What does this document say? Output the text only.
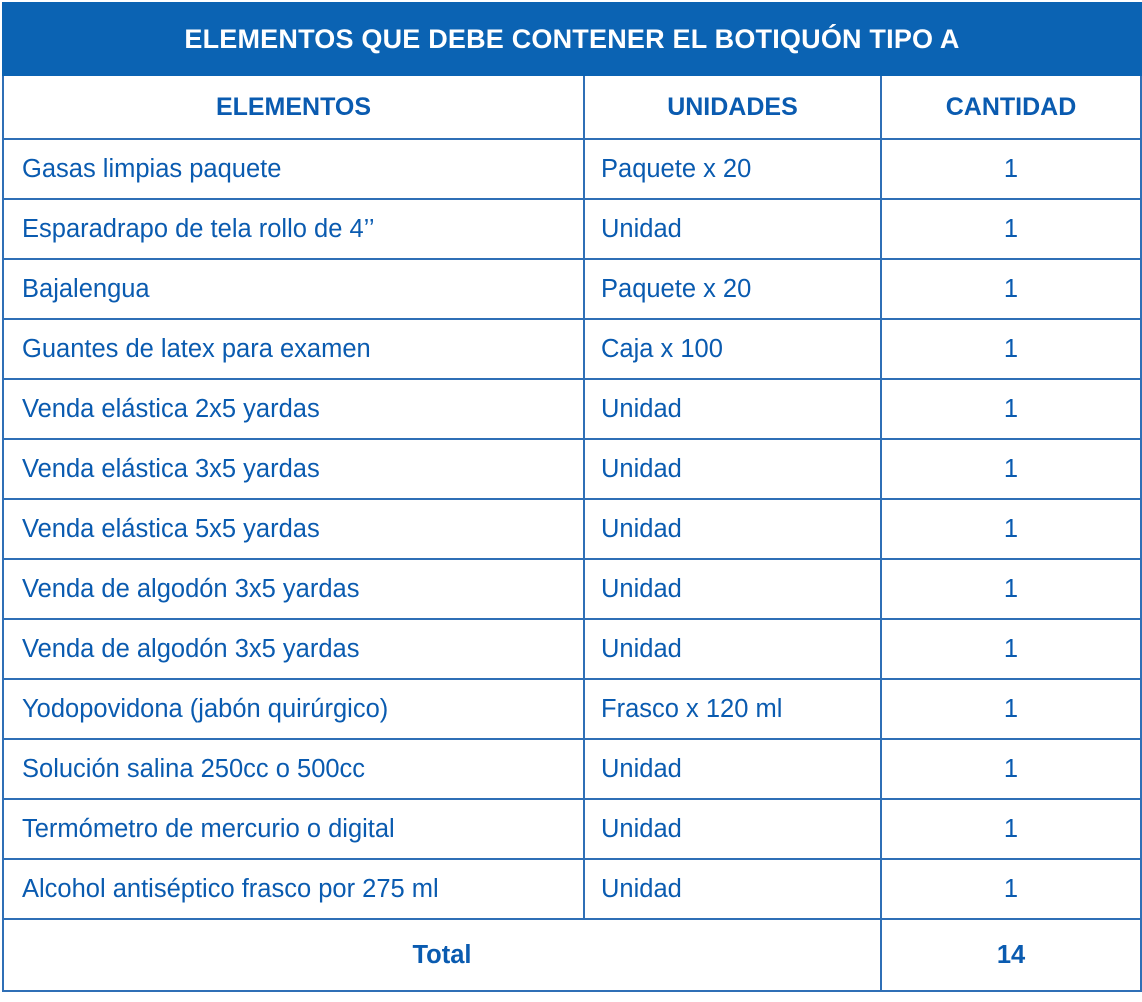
ELEMENTOS QUE DEBE CONTENER EL BOTIQUÓN TIPO A		
ELEMENTOS	UNIDADES	CANTIDAD
Gasas limpias paquete	Paquete x 20	1
Esparadrapo de tela rollo de 4’’	Unidad	1
Bajalengua	Paquete x 20	1
Guantes de latex para examen	Caja x 100	1
Venda elástica 2x5 yardas	Unidad	1
Venda elástica 3x5 yardas	Unidad	1
Venda elástica 5x5 yardas	Unidad	1
Venda de algodón 3x5 yardas	Unidad	1
Venda de algodón 3x5 yardas	Unidad	1
Yodopovidona (jabón quirúrgico)	Frasco x 120 ml	1
Solución salina 250cc o 500cc	Unidad	1
Termómetro de mercurio o digital	Unidad	1
Alcohol antiséptico frasco por 275 ml	Unidad	1
Total		14
